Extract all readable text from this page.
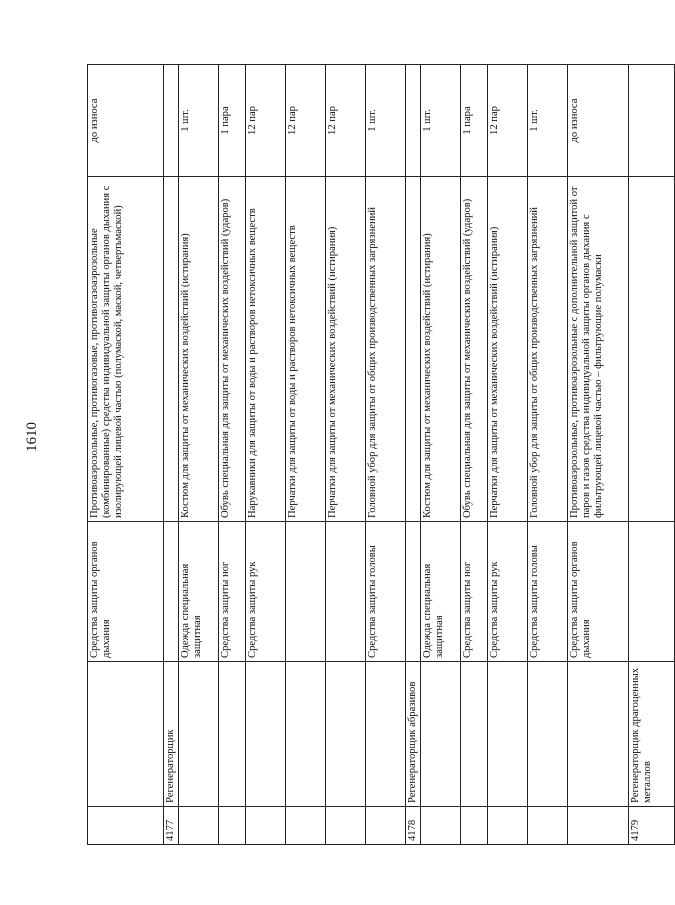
1610
		Средства защиты органов дыхания	Противоаэрозольные, противогазовые, противогазоаэрозольные (комбинированные) средства индивидуальной защиты органов дыхания с изолирующей лицевой частью (полумаской, маской, четвертьмаской)	до износа
4177	Регенераторщик			
		Одежда специальная защитная	Костюм для защиты от механических воздействий (истирания)	1 шт.
		Средства защиты ног	Обувь специальная для защиты от механических воздействий (ударов)	1 пара
		Средства защиты рук	Нарукавники для защиты от воды и растворов нетоксичных веществ	12 пар
			Перчатки для защиты от воды и растворов нетоксичных веществ	12 пар
			Перчатки для защиты от механических воздействий (истирания)	12 пар
		Средства защиты головы	Головной убор для защиты от общих производственных загрязнений	1 шт.
4178	Регенераторщик абразивов			
		Одежда специальная защитная	Костюм для защиты от механических воздействий (истирания)	1 шт.
		Средства защиты ног	Обувь специальная для защиты от механических воздействий (ударов)	1 пара
		Средства защиты рук	Перчатки для защиты от механических воздействий (истирания)	12 пар
		Средства защиты головы	Головной убор для защиты от общих производственных загрязнений	1 шт.
		Средства защиты органов дыхания	Противоаэрозольные, противоаэрозольные с дополнительной защитой от паров и газов средства индивидуальной защиты органов дыхания с фильтрующей лицевой частью – фильтрующие полумаски	до износа
4179	Регенераторщик драгоценных металлов			
